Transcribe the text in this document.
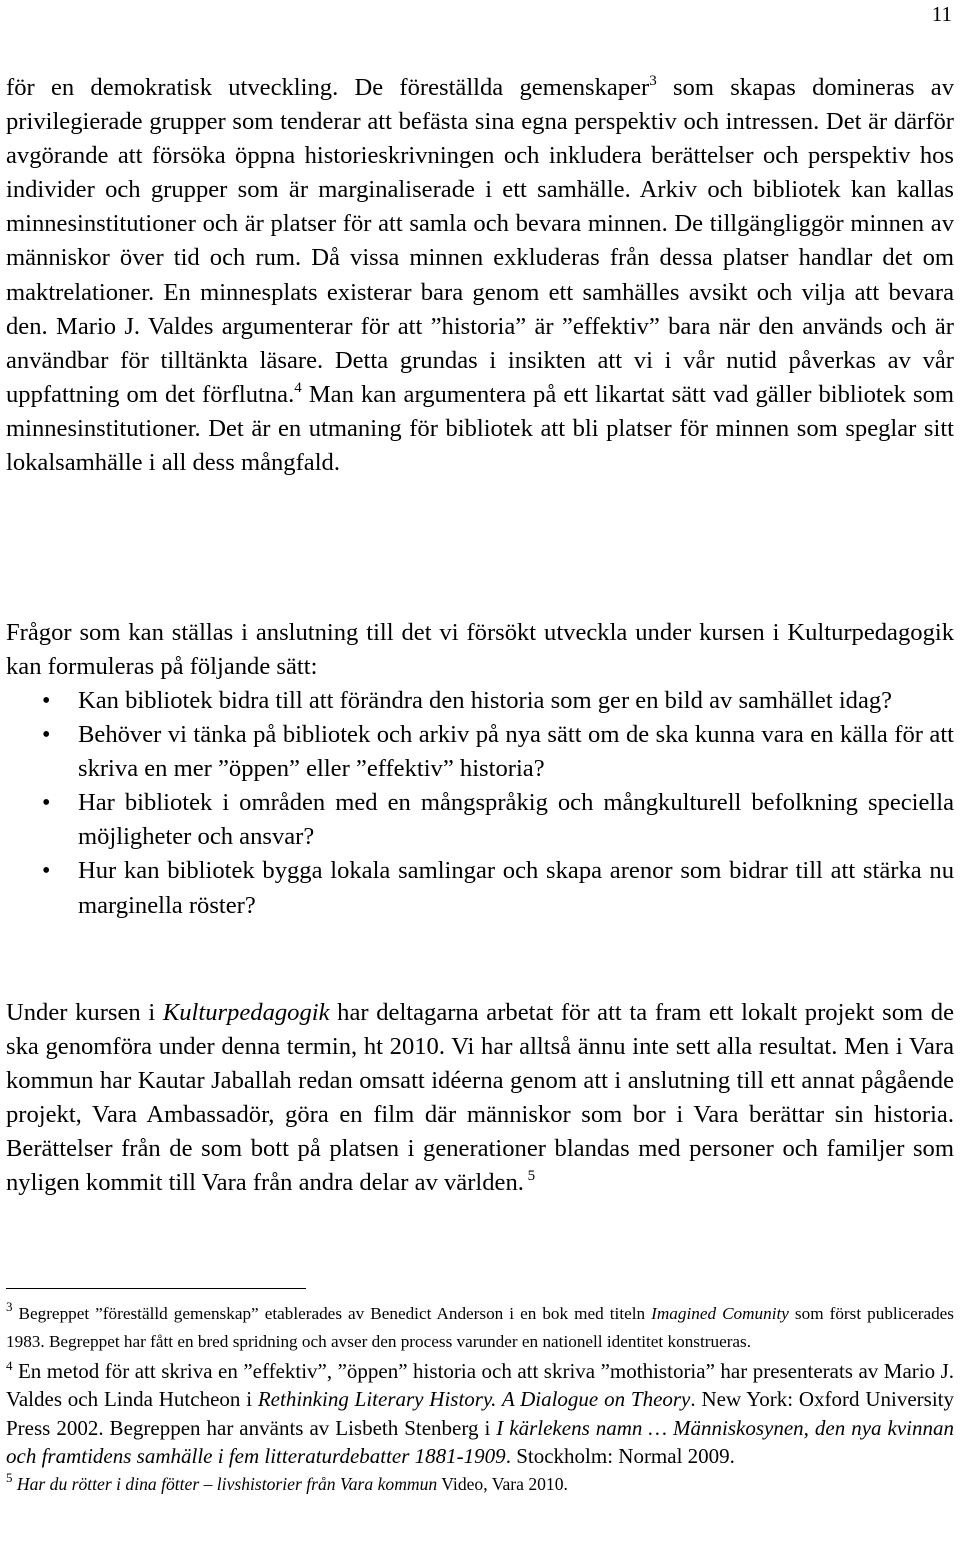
11

för en demokratisk utveckling. De föreställda gemenskaper$^3$ som skapas domineras av privilegierade grupper som tenderar att befästa sina egna perspektiv och intressen. Det är därför avgörande att försöka öppna historieskrivningen och inkludera berättelser och perspektiv hos individer och grupper som är marginaliserade i ett samhälle. Arkiv och bibliotek kan kallas minnesinstitutioner och är platser för att samla och bevara minnen. De tillgängliggör minnen av människor över tid och rum. Då vissa minnen exkluderas från dessa platser handlar det om maktrelationer. En minnesplats existerar bara genom ett samhälles avsikt och vilja att bevara den. Mario J. Valdes argumenterar för att ”historia” är ”effektiv” bara när den används och är användbar för tilltänkta läsare. Detta grundas i insikten att vi i vår nutid påverkas av vår uppfattning om det förflutna.$^4$ Man kan argumentera på ett likartat sätt vad gäller bibliotek som minnesinstitutioner. Det är en utmaning för bibliotek att bli platser för minnen som speglar sitt lokalsamhälle i all dess mångfald.

Frågor som kan ställas i anslutning till det vi försökt utveckla under kursen i Kulturpedagogik kan formuleras på följande sätt:

• Kan bibliotek bidra till att förändra den historia som ger en bild av samhället idag?
• Behöver vi tänka på bibliotek och arkiv på nya sätt om de ska kunna vara en källa för att skriva en mer ”öppen” eller ”effektiv” historia?
• Har bibliotek i områden med en mångspråkig och mångkulturell befolkning speciella möjligheter och ansvar?
• Hur kan bibliotek bygga lokala samlingar och skapa arenor som bidrar till att stärka nu marginella röster?

Under kursen i Kulturpedagogik har deltagarna arbetat för att ta fram ett lokalt projekt som de ska genomföra under denna termin, ht 2010. Vi har alltså ännu inte sett alla resultat. Men i Vara kommun har Kautar Jaballah redan omsatt idéerna genom att i anslutning till ett annat pågående projekt, Vara Ambassadör, göra en film där människor som bor i Vara berättar sin historia. Berättelser från de som bott på platsen i generationer blandas med personer och familjer som nyligen kommit till Vara från andra delar av världen. $^5$

$^3$ Begreppet ”föreställd gemenskap” etablerades av Benedict Anderson i en bok med titeln Imagined Comunity som först publicerades 1983. Begreppet har fått en bred spridning och avser den process varunder en nationell identitet konstrueras.

$^4$ En metod för att skriva en ”effektiv”, ”öppen” historia och att skriva ”mothistoria” har presenterats av Mario J. Valdes och Linda Hutcheon i Rethinking Literary History. A Dialogue on Theory. New York: Oxford University Press 2002. Begreppen har använts av Lisbeth Stenberg i I kärlekens namn … Människosynen, den nya kvinnan och framtidens samhälle i fem litteraturdebatter 1881-1909. Stockholm: Normal 2009.

$^5$ Har du rötter i dina fötter – livshistorier från Vara kommun Video, Vara 2010.
